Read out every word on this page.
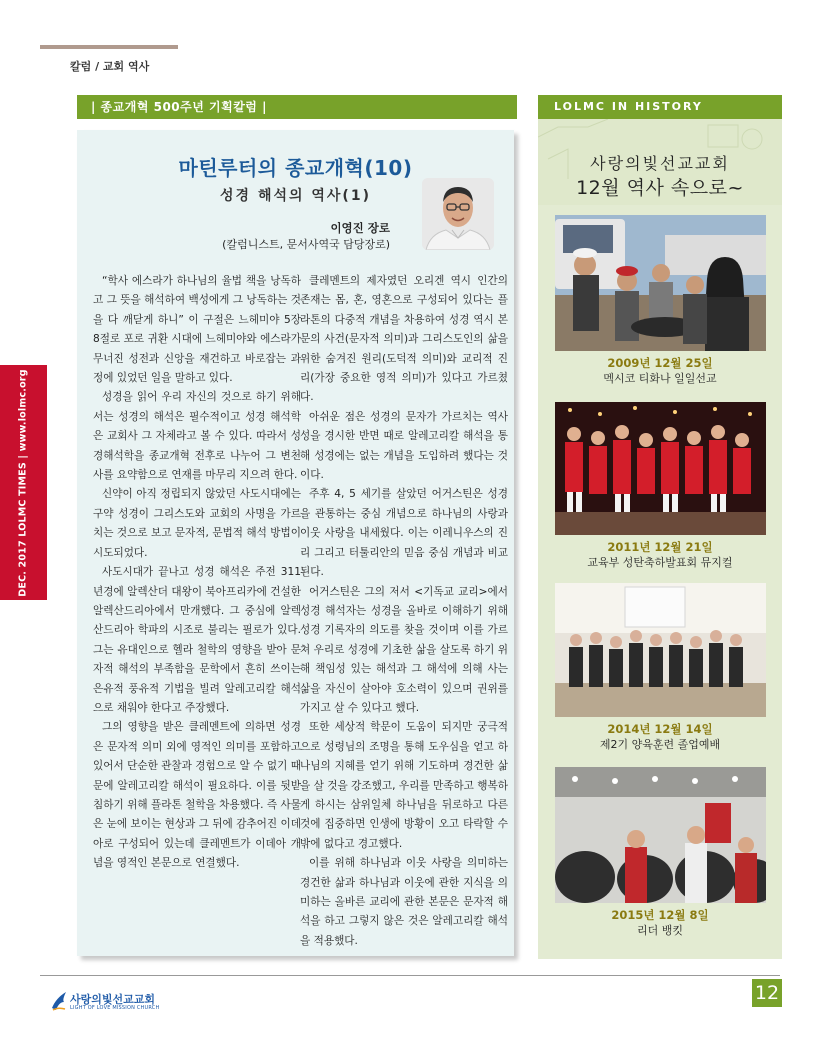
칼럼 / 교회 역사
DEC. 2017 LOLMC TIMES | www.lolmc.org
| 종교개혁 500주년 기획칼럼 |	LOLMC IN HISTORY
마틴루터의 종교개혁(10)
성경 해석의 역사(1)
이영진 장로
(칼럼니스트, 문서사역국 담당장로)

“학사 에스라가 하나님의 율법 책을 낭독하고 그 뜻을 해석하여 백성에게 그 낭독하는 것을 다 깨닫게 하니” 이 구절은 느헤미야 5장 8절로 포로 귀환 시대에 느헤미야와 에스라가 무너진 성전과 신앙을 재건하고 바로잡는 과정에 있었던 일을 말하고 있다.

성경을 읽어 우리 자신의 것으로 하기 위해서는 성경의 해석은 필수적이고 성경 해석학은 교회사 그 자체라고 볼 수 있다. 따라서 성경해석학을 종교개혁 전후로 나누어 그 변천사를 요약함으로 연재를 마무리 지으려 한다.

신약이 아직 정립되지 않았던 사도시대에는 구약 성경이 그리스도와 교회의 사명을 가르치는 것으로 보고 문자적, 문법적 해석 방법이 시도되었다.

사도시대가 끝나고 성경 해석은 주전 311 년경에 알렉산더 대왕이 북아프리카에 건설한 알렉산드리아에서 만개했다. 그 중심에 알렉산드리아 학파의 시조로 불리는 필로가 있다. 그는 유대인으로 헬라 철학의 영향을 받아 문자적 해석의 부족함을 문학에서 흔히 쓰이는 은유적 풍유적 기법을 빌려 알레고리칼 해석으로 채워야 한다고 주장했다.

그의 영향을 받은 클레멘트에 의하면 성경은 문자적 의미 외에 영적인 의미를 포함하고 있어서 단순한 관찰과 경험으로 알 수 없기 때문에 알레고리칼 해석이 필요하다. 이를 뒷받침하기 위해 플라톤 철학을 차용했다. 즉 사물은 눈에 보이는 현상과 그 뒤에 감추어진 이데아로 구성되어 있는데 클레멘트가 이데아 개념을 영적인 본문으로 연결했다.

클레멘트의 제자였던 오리겐 역시 인간의 존재는 몸, 혼, 영혼으로 구성되어 있다는 플라톤의 다중적 개념을 차용하여 성경 역시 본문의 사건(문자적 의미)과 그리스도인의 삶을 위한 숨겨진 원리(도덕적 의미)와 교리적 진리(가장 중요한 영적 의미)가 있다고 가르쳤다.

아쉬운 점은 성경의 문자가 가르치는 역사성을 경시한 반면 때로 알레고리칼 해석을 통해 성경에는 없는 개념을 도입하려 했다는 것이다.

주후 4, 5 세기를 살았던 어거스틴은 성경을 관통하는 중심 개념으로 하나님의 사랑과 이웃 사랑을 내세웠다. 이는 이레니우스의 진리 그리고 터툴리안의 믿음 중심 개념과 비교된다.

어거스틴은 그의 저서 <기독교 교리>에서 성경 해석자는 성경을 올바로 이해하기 위해 성경 기록자의 의도를 찾을 것이며 이를 가르쳐 우리로 성경에 기초한 삶을 살도록 하기 위해 책임성 있는 해석과 그 해석에 의해 사는 삶을 자신이 살아야 호소력이 있으며 권위를 가지고 살 수 있다고 했다.

또한 세상적 학문이 도움이 되지만 궁극적으로 성령님의 조명을 통해 도우심을 얻고 하나님의 지혜를 얻기 위해 기도하며 경건한 삶을 살 것을 강조했고, 우리를 만족하고 행복하게 하시는 삼위일체 하나님을 뒤로하고 다른 것에 집중하면 인생에 방황이 오고 타락할 수 밖에 없다고 경고했다.

이를 위해 하나님과 이웃 사랑을 의미하는 경건한 삶과 하나님과 이웃에 관한 지식을 의미하는 올바른 교리에 관한 본문은 문자적 해석을 하고 그렇지 않은 것은 알레고리칼 해석을 적용했다.

사랑의빛선교교회
12월 역사 속으로~
2009년 12월 25일
멕시코 티화나 일일선교
2011년 12월 21일
교육부 성탄축하발표회 뮤지컬
2014년 12월 14일
제2기 양육훈련 졸업예배
2015년 12월 8일
리더 뱅킷
사랑의빛선교교회
LIGHT OF LOVE MISSION CHURCH
12
